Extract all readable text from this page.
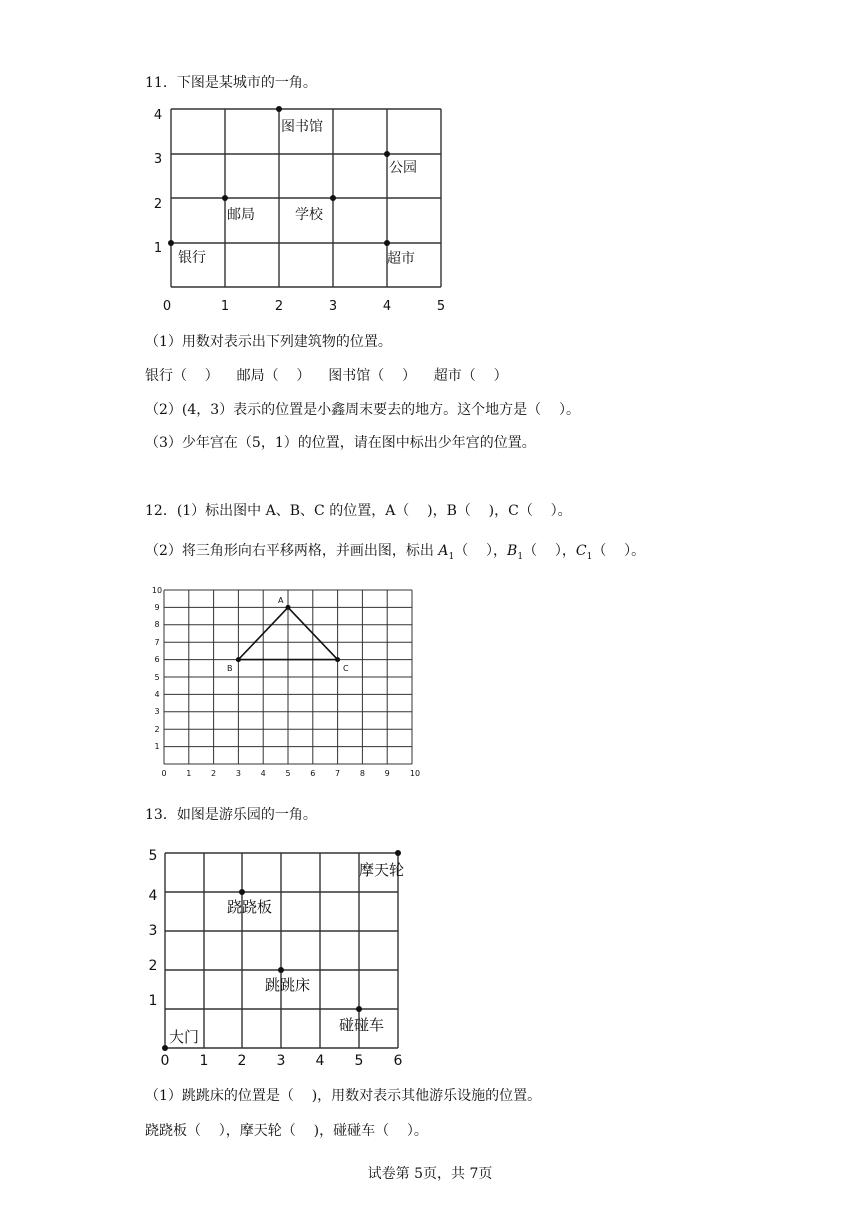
11．下图是某城市的一角。
0	1	2	3	4	5
1
2
3
4
图书馆
公园
邮局	学校
银行	超市
（1）用数对表示出下列建筑物的位置。
银行（    ）    邮局（    ）    图书馆（    ）    超市（    ）
（2）(4，3）表示的位置是小鑫周末要去的地方。这个地方是（    ）。
（3）少年宫在（5，1）的位置，请在图中标出少年宫的位置。
12．(1）标出图中 A、B、C 的位置，A（    )，B（    )，C（    ）。
（2）将三角形向右平移两格，并画出图，标出 $A_1$（    ），$B_1$（    ），$C_1$（    ）。
0 1 2 3 4 5 6 7 8 9	10
1
2
3
4
5
6
7
8
9
10
A
B	C
13．如图是游乐园的一角。
0 1 2 3 4 5 6
1
2
3
4
5
摩天轮
跷跷板
跳跳床
碰碰车
大门
（1）跳跳床的位置是（    )，用数对表示其他游乐设施的位置。
跷跷板（    ），摩天轮（    )，碰碰车（    ）。
试卷第 5页，共 7页
